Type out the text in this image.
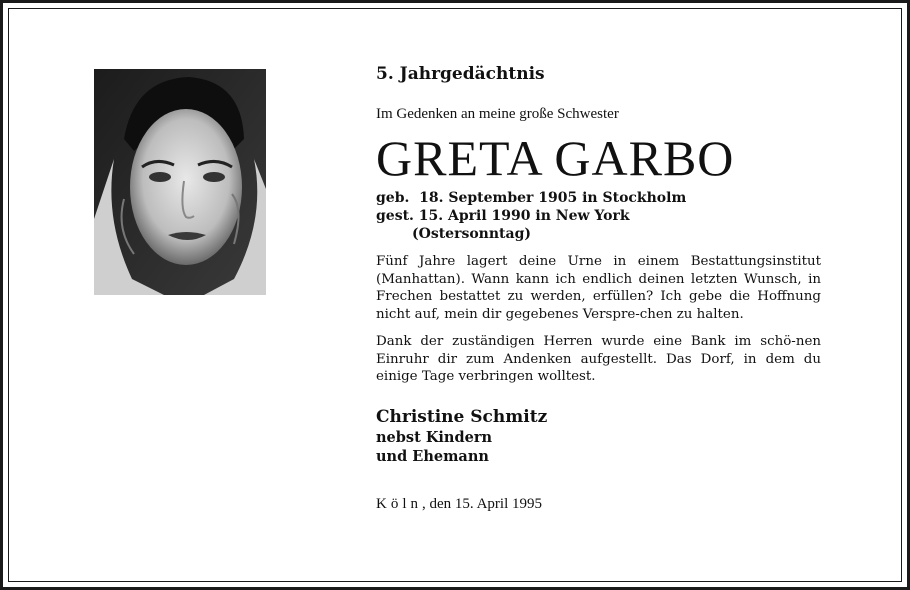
5. Jahrgedächtnis
Im Gedenken an meine große Schwester
GRETA GARBO
geb.  18. September 1905 in Stockholm
gest. 15. April 1990 in New York
(Ostersonntag)
Fünf Jahre lagert deine Urne in einem Bestattungsinstitut (Manhattan). Wann kann ich endlich deinen letzten Wunsch, in Frechen bestattet zu werden, erfüllen? Ich gebe die Hoffnung nicht auf, mein dir gegebenes Verspre-chen zu halten.
Dank der zuständigen Herren wurde eine Bank im schö-nen Einruhr dir zum Andenken aufgestellt. Das Dorf, in dem du einige Tage verbringen wolltest.
Christine Schmitz
nebst Kindern
und Ehemann
Köln, den 15. April 1995
